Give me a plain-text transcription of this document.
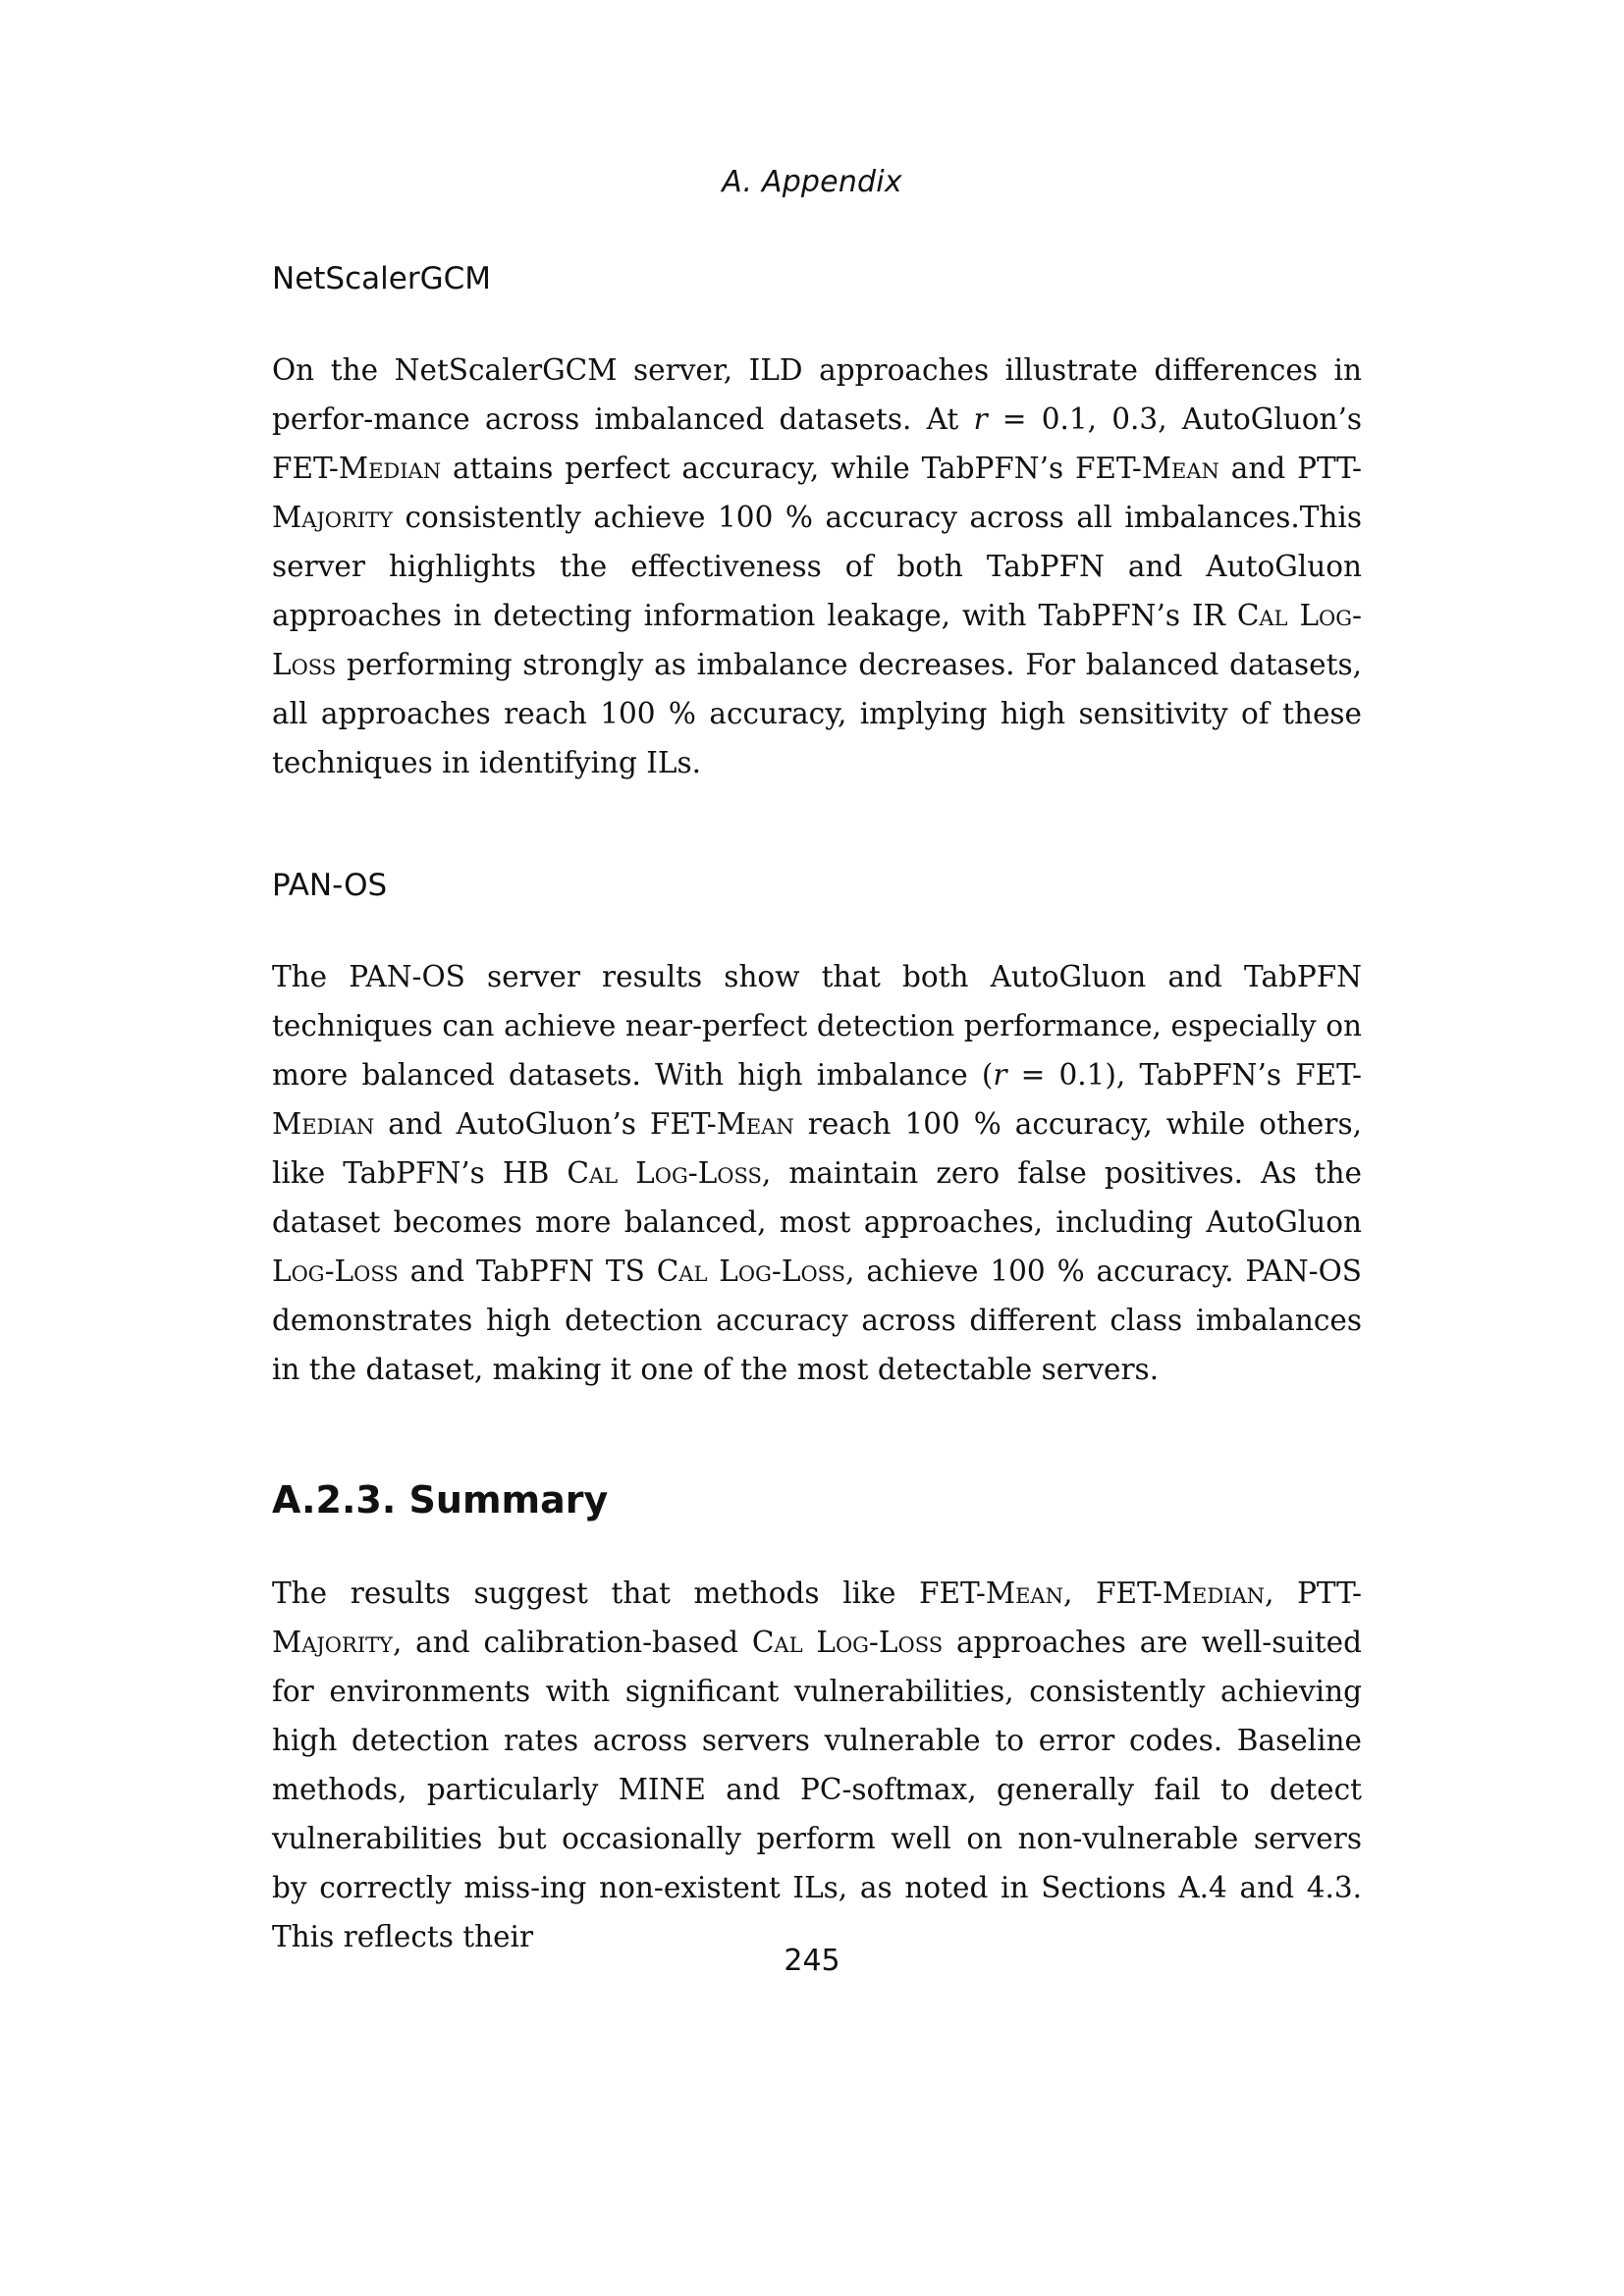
A. Appendix
NetScalerGCM

On the NetScalerGCM server, ILD approaches illustrate differences in perfor-mance across imbalanced datasets. At r = 0.1, 0.3, AutoGluon’s FET-Median attains perfect accuracy, while TabPFN’s FET-Mean and PTT-Majority consistently achieve 100 % accuracy across all imbalances.This server highlights the effectiveness of both TabPFN and AutoGluon approaches in detecting information leakage, with TabPFN’s IR Cal Log-Loss performing strongly as imbalance decreases. For balanced datasets, all approaches reach 100 % accuracy, implying high sensitivity of these techniques in identifying ILs.

PAN-OS

The PAN-OS server results show that both AutoGluon and TabPFN techniques can achieve near-perfect detection performance, especially on more balanced datasets. With high imbalance (r = 0.1), TabPFN’s FET-Median and AutoGluon’s FET-Mean reach 100 % accuracy, while others, like TabPFN’s HB Cal Log-Loss, maintain zero false positives. As the dataset becomes more balanced, most approaches, including AutoGluon Log-Loss and TabPFN TS Cal Log-Loss, achieve 100 % accuracy. PAN-OS demonstrates high detection accuracy across different class imbalances in the dataset, making it one of the most detectable servers.

A.2.3. Summary

The results suggest that methods like FET-Mean, FET-Median, PTT-Majority, and calibration-based Cal Log-Loss approaches are well-suited for environments with significant vulnerabilities, consistently achieving high detection rates across servers vulnerable to error codes. Baseline methods, particularly MINE and PC-softmax, generally fail to detect vulnerabilities but occasionally perform well on non-vulnerable servers by correctly miss-ing non-existent ILs, as noted in Sections A.4 and 4.3. This reflects their

245
